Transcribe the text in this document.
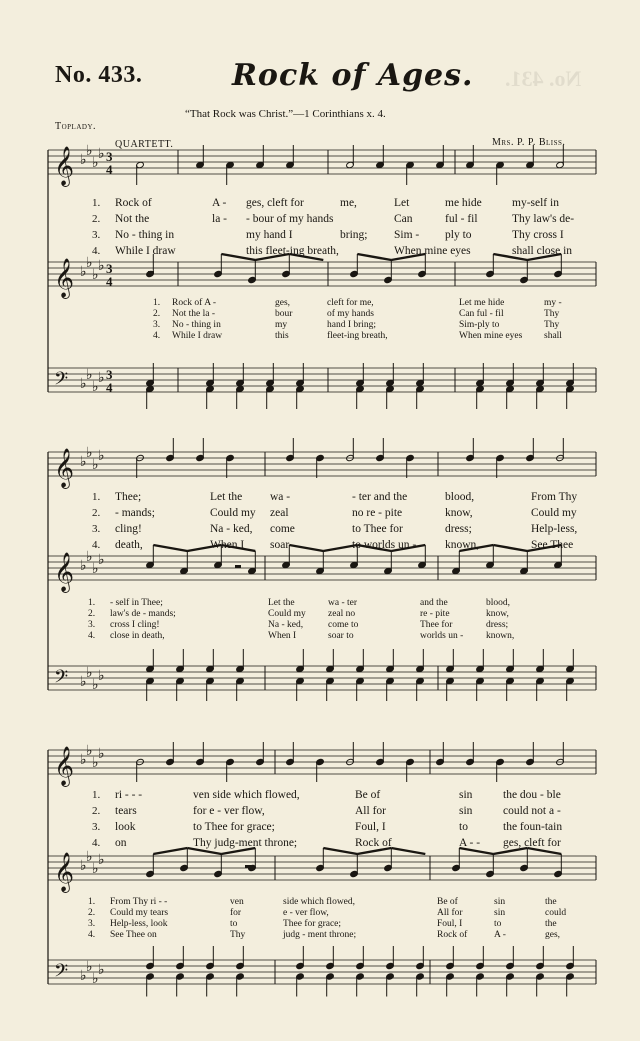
No. 431.
No. 433.	Rock of Ages.
“That Rock was Christ.”—1 Corinthians x. 4.
Toplady.
QUARTETT.	Mrs. P. P. Bliss.
𝄞 ♭
♭
♭
♭ 3
4
𝄞 ♭
♭
♭
♭ 3
4
𝄢 ♭
♭
♭
♭ 3
4
𝄞 ♭
♭
♭
♭
𝄞 ♭
♭
♭
♭
𝄢 ♭
♭
♭
♭
𝄞 ♭
♭
♭
♭
𝄞 ♭
♭
♭
♭
𝄢 ♭
♭
♭
♭
1. Rock of	A - ges, cleft for	me,	Let	me hide	my-self in
2. Not the	la - - bour of my hands	Can	ful - fil	Thy law's de-
3. No - thing in	my hand I	bring; Sim - ply to	Thy cross I
4. While I draw	this fleet-ing breath,	When mine eyes	shall close in
1. Rock of A -	ges,	cleft for me,	Let me hide	my -
2. Not the la -	bour	of my hands	Can ful - fil	Thy
3. No - thing in	my	hand I bring;	Sim-ply to	Thy
4. While I draw	this	fleet-ing breath,	When mine eyes shall
1. Thee;	Let the wa -	- ter and the	blood,	From Thy
2. - mands;	Could my zeal	no re - pite	know,	Could my
3. cling!	Na - ked, come	to Thee for	dress;	Help-less,
4. death,	When I soar	to worlds un -	known,	See Thee
1. - self in Thee;	Let the	wa - ter	and the	blood,
2. law's de - mands;	Could my zeal no	re - pite	know,
3. cross I cling!	Na - ked,	come to	Thee for	dress;
4. close in death,	When I	soar to	worlds un - known,
1. ri - - -	ven side which flowed,	Be of	sin	the dou - ble
2. tears	for e - ver flow,	All for	sin	could not a -
3. look	to Thee for grace;	Foul, I	to	the foun-tain
4. on	Thy judg-ment throne;	Rock of	A - - ges, cleft for
1. From Thy ri - -	ven	side which flowed,	Be of	sin	the
2. Could my tears	for	e - ver flow,	All for	sin	could
3. Help-less, look	to	Thee for grace;	Foul, I	to	the
4. See Thee on	Thy	judg - ment throne;	Rock of	A -	ges,
